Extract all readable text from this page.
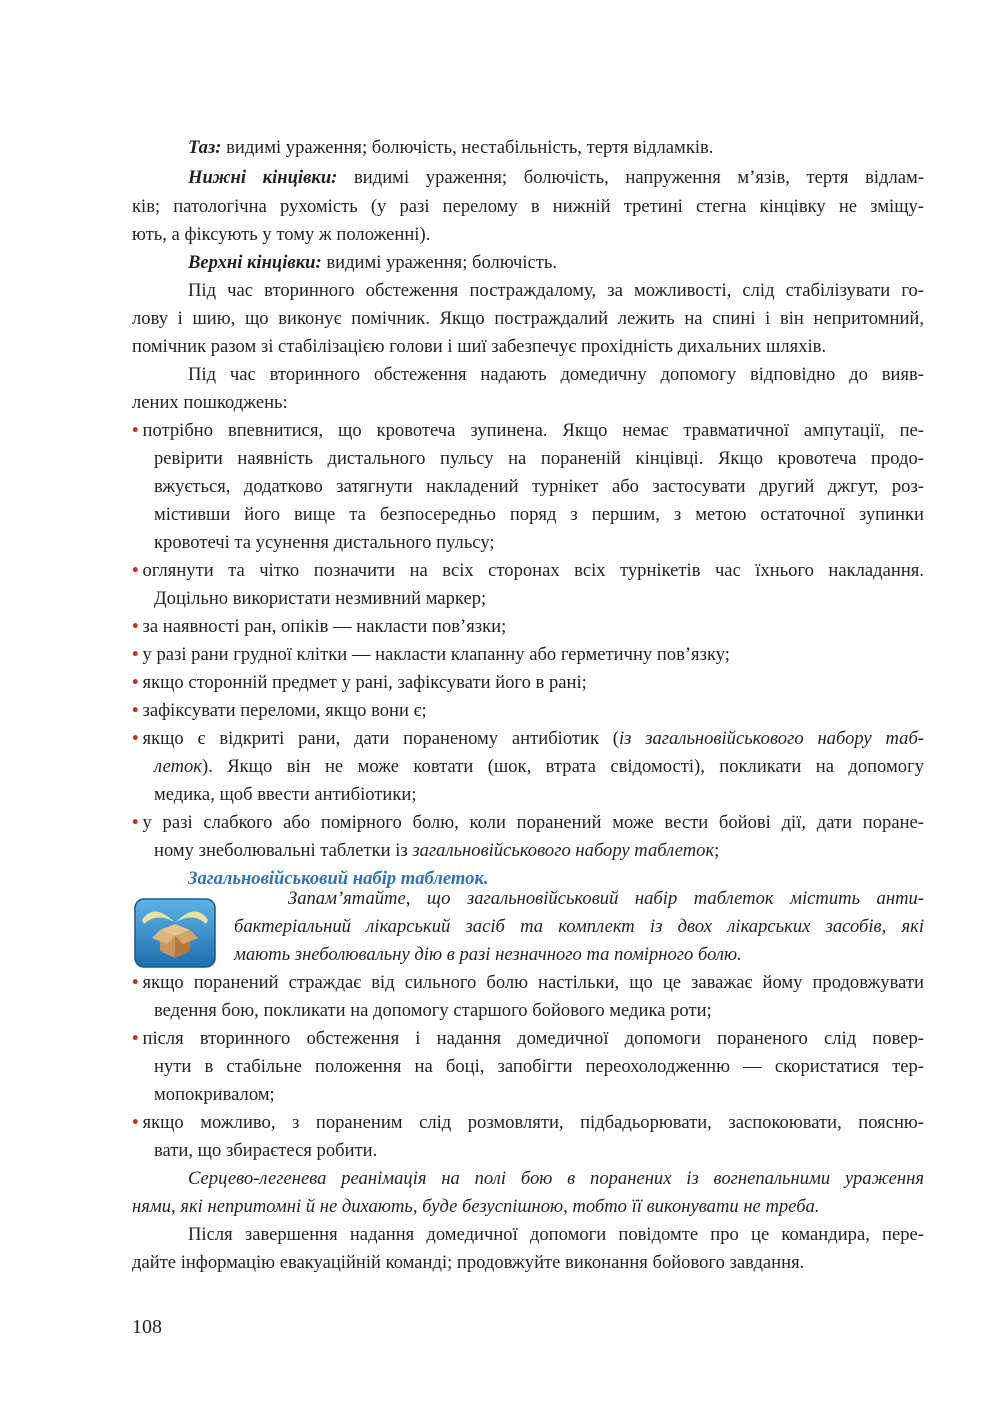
Таз: видимі ураження; болючість, нестабільність, тертя відламків.
Нижні кінцівки: видимі ураження; болючість, напруження м’язів, тертя відлам-
ків; патологічна рухомість (у разі перелому в нижній третині стегна кінцівку не зміщу-
ють, а фіксують у тому ж положенні).
Верхні кінцівки: видимі ураження; болючість.
Під час вторинного обстеження постраждалому, за можливості, слід стабілізувати го-
лову і шию, що виконує помічник. Якщо постраждалий лежить на спині і він непритомний,
помічник разом зі стабілізацією голови і шиї забезпечує прохідність дихальних шляхів.
Під час вторинного обстеження надають домедичну допомогу відповідно до вияв-
лених пошкоджень:
• потрібно впевнитися, що кровотеча зупинена. Якщо немає травматичної ампутації, пе-
ревірити наявність дистального пульсу на пораненій кінцівці. Якщо кровотеча продо-
вжується, додатково затягнути накладений турнікет або застосувати другий джгут, роз-
містивши його вище та безпосередньо поряд з першим, з метою остаточної зупинки
кровотечі та усунення дистального пульсу;
• оглянути та чітко позначити на всіх сторонах всіх турнікетів час їхнього накладання.
Доцільно використати незмивний маркер;
• за наявності ран, опіків — накласти пов’язки;
• у разі рани грудної клітки — накласти клапанну або герметичну пов’язку;
• якщо сторонній предмет у рані, зафіксувати його в рані;
• зафіксувати переломи, якщо вони є;
• якщо є відкриті рани, дати пораненому антибіотик (із загальновійськового набору таб-
леток). Якщо він не може ковтати (шок, втрата свідомості), покликати на допомогу
медика, щоб ввести антибіотики;
• у разі слабкого або помірного болю, коли поранений може вести бойові дії, дати поране-
ному знеболювальні таблетки із загальновійськового набору таблеток;
Загальновійськовий набір таблеток.
Запам’ятайте, що загальновійськовий набір таблеток містить анти-
бактеріальний лікарський засіб та комплект із двох лікарських засобів, які
мають знеболювальну дію в разі незначного та помірного болю.
• якщо поранений страждає від сильного болю настільки, що це заважає йому продовжувати
ведення бою, покликати на допомогу старшого бойового медика роти;
• після вторинного обстеження і надання домедичної допомоги пораненого слід повер-
нути в стабільне положення на боці, запобігти переохолодженню — скористатися тер-
мопокривалом;
• якщо можливо, з пораненим слід розмовляти, підбадьорювати, заспокоювати, поясню-
вати, що збираєтеся робити.
Серцево-легенева реанімація на полі бою в поранених із вогнепальними ураження
нями, які непритомні й не дихають, буде безуспішною, тобто її виконувати не треба.
Після завершення надання домедичної допомоги повідомте про це командира, пере-
дайте інформацію евакуаційній команді; продовжуйте виконання бойового завдання.
108
